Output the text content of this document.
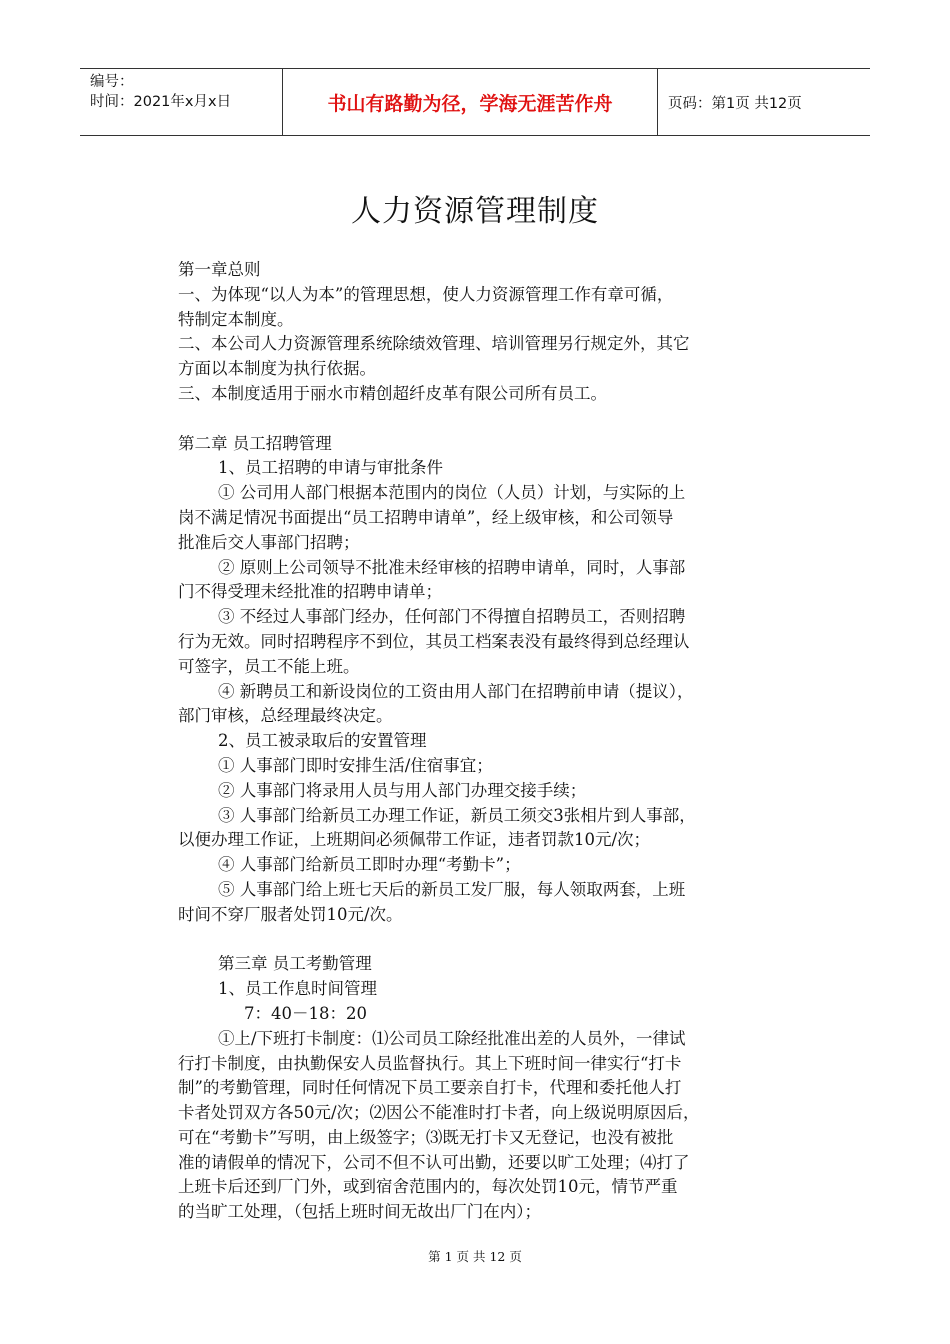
编号：
时间：2021年x月x日	书山有路勤为径，学海无涯苦作舟	页码：第1页 共12页
人力资源管理制度

第一章总则

一、为体现“以人为本”的管理思想，使人力资源管理工作有章可循，

特制定本制度。

二、本公司人力资源管理系统除绩效管理、培训管理另行规定外，其它

方面以本制度为执行依据。

三、本制度适用于丽水市精创超纤皮革有限公司所有员工。

第二章 员工招聘管理

1、员工招聘的申请与审批条件

① 公司用人部门根据本范围内的岗位（人员）计划，与实际的上

岗不满足情况书面提出“员工招聘申请单”，经上级审核，和公司领导

批准后交人事部门招聘；

② 原则上公司领导不批准未经审核的招聘申请单，同时，人事部

门不得受理未经批准的招聘申请单；

③ 不经过人事部门经办，任何部门不得擅自招聘员工，否则招聘

行为无效。同时招聘程序不到位，其员工档案表没有最终得到总经理认

可签字，员工不能上班。

④ 新聘员工和新设岗位的工资由用人部门在招聘前申请（提议），

部门审核，总经理最终决定。

2、员工被录取后的安置管理

① 人事部门即时安排生活/住宿事宜；

② 人事部门将录用人员与用人部门办理交接手续；

③ 人事部门给新员工办理工作证，新员工须交3张相片到人事部，

以便办理工作证，上班期间必须佩带工作证，违者罚款10元/次；

④ 人事部门给新员工即时办理“考勤卡”；

⑤ 人事部门给上班七天后的新员工发厂服，每人领取两套，上班

时间不穿厂服者处罚10元/次。

第三章 员工考勤管理

1、员工作息时间管理

7：40－18：20

①上/下班打卡制度：⑴公司员工除经批准出差的人员外，一律试

行打卡制度，由执勤保安人员监督执行。其上下班时间一律实行“打卡

制”的考勤管理，同时任何情况下员工要亲自打卡，代理和委托他人打

卡者处罚双方各50元/次；⑵因公不能准时打卡者，向上级说明原因后，

可在“考勤卡”写明，由上级签字；⑶既无打卡又无登记，也没有被批

准的请假单的情况下，公司不但不认可出勤，还要以旷工处理；⑷打了

上班卡后还到厂门外，或到宿舍范围内的，每次处罚10元，情节严重

的当旷工处理，（包括上班时间无故出厂门在内）；

第 1 页 共 12 页
